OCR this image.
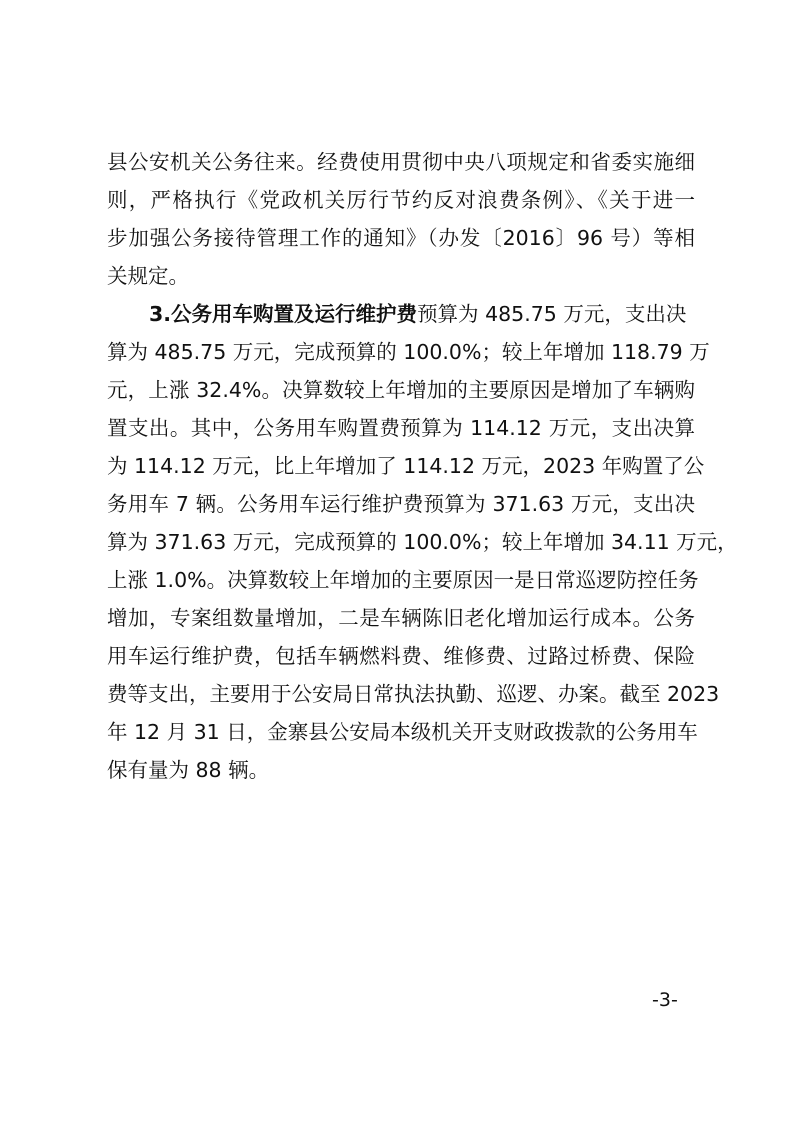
县公安机关公务往来。经费使用贯彻中央八项规定和省委实施细
则，严格执行《党政机关厉行节约反对浪费条例》、《关于进一
步加强公务接待管理工作的通知》（办发〔2016〕96 号）等相
关规定。
3.公务用车购置及运行维护费预算为 485.75 万元，支出决
算为 485.75 万元，完成预算的 100.0%；较上年增加 118.79 万
元，上涨 32.4%。决算数较上年增加的主要原因是增加了车辆购
置支出。其中，公务用车购置费预算为 114.12 万元，支出决算
为 114.12 万元，比上年增加了 114.12 万元，2023 年购置了公
务用车 7 辆。公务用车运行维护费预算为 371.63 万元，支出决
算为 371.63 万元，完成预算的 100.0%；较上年增加 34.11 万元，
上涨 1.0%。决算数较上年增加的主要原因一是日常巡逻防控任务
增加，专案组数量增加，二是车辆陈旧老化增加运行成本。公务
用车运行维护费，包括车辆燃料费、维修费、过路过桥费、保险
费等支出，主要用于公安局日常执法执勤、巡逻、办案。截至 2023
年 12 月 31 日，金寨县公安局本级机关开支财政拨款的公务用车
保有量为 88 辆。
-3-
